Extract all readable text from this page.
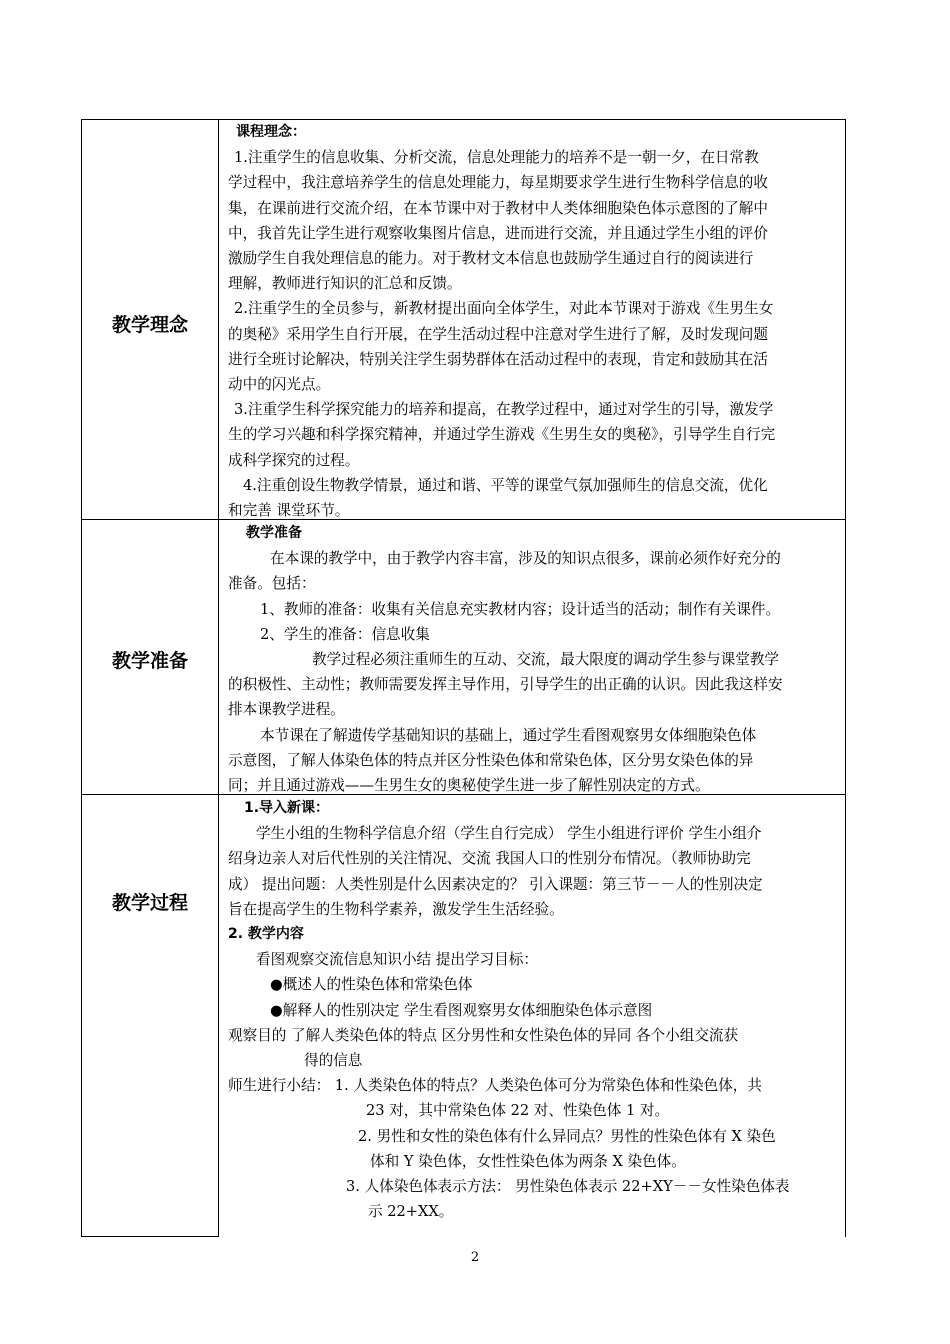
教学理念

课程理念：

1.注重学生的信息收集、分析交流，信息处理能力的培养不是一朝一夕，在日常教

学过程中，我注意培养学生的信息处理能力，每星期要求学生进行生物科学信息的收

集，在课前进行交流介绍，在本节课中对于教材中人类体细胞染色体示意图的了解中

中，我首先让学生进行观察收集图片信息，进而进行交流，并且通过学生小组的评价

激励学生自我处理信息的能力。对于教材文本信息也鼓励学生通过自行的阅读进行

理解，教师进行知识的汇总和反馈。

2.注重学生的全员参与，新教材提出面向全体学生，对此本节课对于游戏《生男生女

的奥秘》采用学生自行开展，在学生活动过程中注意对学生进行了解，及时发现问题

进行全班讨论解决，特别关注学生弱势群体在活动过程中的表现，肯定和鼓励其在活

动中的闪光点。

3.注重学生科学探究能力的培养和提高，在教学过程中，通过对学生的引导，激发学

生的学习兴趣和科学探究精神，并通过学生游戏《生男生女的奥秘》，引导学生自行完

成科学探究的过程。

4.注重创设生物教学情景，通过和谐、平等的课堂气氛加强师生的信息交流，优化

和完善 课堂环节。

教学准备

教学准备

在本课的教学中，由于教学内容丰富，涉及的知识点很多，课前必须作好充分的

准备。包括：

1、教师的准备：收集有关信息充实教材内容；设计适当的活动；制作有关课件。

2、学生的准备：信息收集

教学过程必须注重师生的互动、交流，最大限度的调动学生参与课堂教学

的积极性、主动性；教师需要发挥主导作用，引导学生的出正确的认识。因此我这样安

排本课教学进程。

本节课在了解遗传学基础知识的基础上，通过学生看图观察男女体细胞染色体

示意图，了解人体染色体的特点并区分性染色体和常染色体，区分男女染色体的异

同；并且通过游戏——生男生女的奥秘使学生进一步了解性别决定的方式。

教学过程

1.导入新课：

学生小组的生物科学信息介绍（学生自行完成） 学生小组进行评价 学生小组介

绍身边亲人对后代性别的关注情况、交流 我国人口的性别分布情况。（教师协助完

成） 提出问题：人类性别是什么因素决定的？ 引入课题：第三节－－人的性别决定

旨在提高学生的生物科学素养，激发学生生活经验。

2. 教学内容

看图观察交流信息知识小结 提出学习目标：

●概述人的性染色体和常染色体

●解释人的性别决定 学生看图观察男女体细胞染色体示意图

观察目的 了解人类染色体的特点 区分男性和女性染色体的异同 各个小组交流获

得的信息

师生进行小结： 1. 人类染色体的特点？人类染色体可分为常染色体和性染色体，共

23 对，其中常染色体 22 对、性染色体 1 对。

2. 男性和女性的染色体有什么异同点？男性的性染色体有 X 染色

体和 Y 染色体，女性性染色体为两条 X 染色体。

3. 人体染色体表示方法： 男性染色体表示 22+XY－－女性染色体表

示 22+XX。

2
